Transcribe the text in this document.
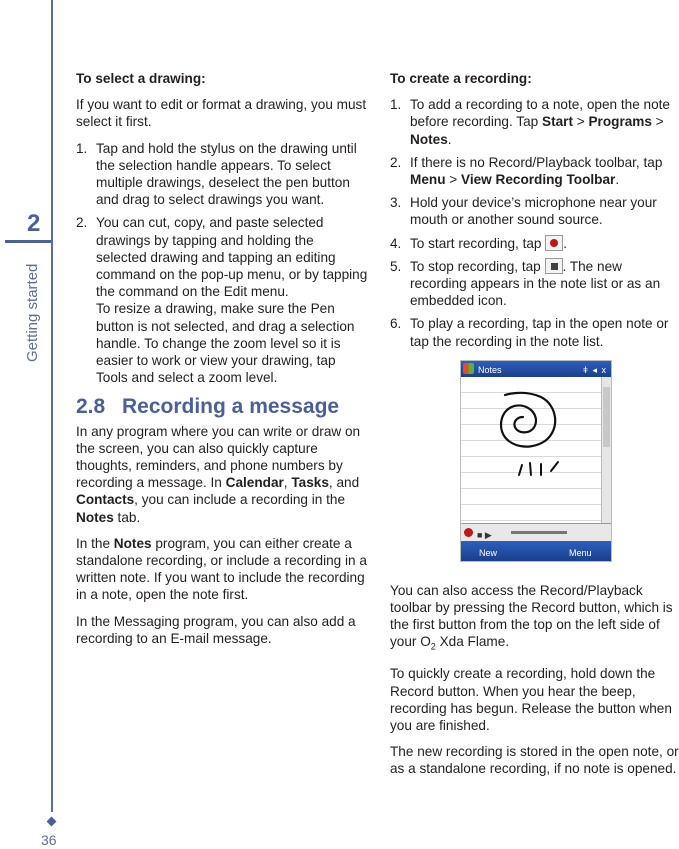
2
Getting started
36
To select a drawing:

If you want to edit or format a drawing, you must select it first.

1. Tap and hold the stylus on the drawing until the selection handle appears. To select multiple drawings, deselect the pen button and drag to select drawings you want.
2. You can cut, copy, and paste selected drawings by tapping and holding the selected drawing and tapping an editing command on the pop-up menu, or by tapping the command on the Edit menu.
To resize a drawing, make sure the Pen button is not selected, and drag a selection handle. To change the zoom level so it is easier to work or view your drawing, tap Tools and select a zoom level.

2.8 Recording a message

In any program where you can write or draw on the screen, you can also quickly capture thoughts, reminders, and phone numbers by recording a message. In Calendar, Tasks, and Contacts, you can include a recording in the Notes tab.

In the Notes program, you can either create a standalone recording, or include a recording in a written note. If you want to include the recording in a note, open the note first.

In the Messaging program, you can also add a recording to an E-mail message.

To create a recording:
1. To add a recording to a note, open the note before recording. Tap Start > Programs > Notes.
2. If there is no Record/Playback toolbar, tap Menu > View Recording Toolbar.
3. Hold your device’s microphone near your mouth or another sound source.
4. To start recording, tap
.
5. To stop recording, tap
. The new recording appears in the note list or as an embedded icon.
6. To play a recording, tap in the open note or tap the recording in the note list.
Notes	ǂ ◂ x
■ ▶
New	Menu

You can also access the Record/Playback toolbar by pressing the Record button, which is the first button from the top on the left side of your $O_2$ Xda Flame.

To quickly create a recording, hold down the Record button. When you hear the beep, recording has begun. Release the button when you are finished.

The new recording is stored in the open note, or as a standalone recording, if no note is opened.
